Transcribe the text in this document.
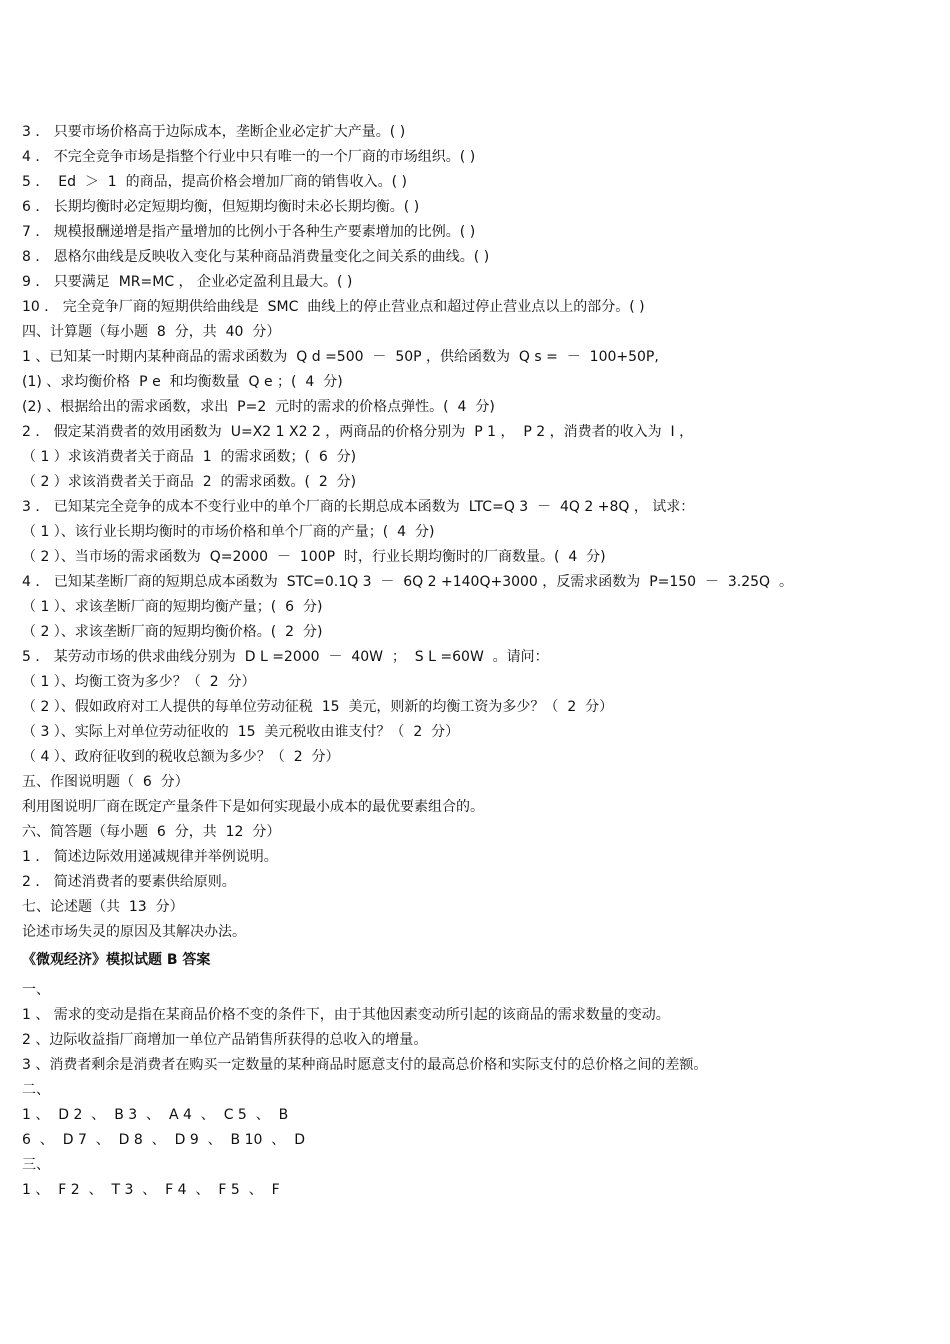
3 ． 只要市场价格高于边际成本，垄断企业必定扩大产量。( )

4 ． 不完全竞争市场是指整个行业中只有唯一的一个厂商的市场组织。( )

5 ．  Ed  ＞  1  的商品，提高价格会增加厂商的销售收入。( )

6 ． 长期均衡时必定短期均衡，但短期均衡时未必长期均衡。( )

7 ． 规模报酬递增是指产量增加的比例小于各种生产要素增加的比例。( )

8 ． 恩格尔曲线是反映收入变化与某种商品消费量变化之间关系的曲线。( )

9 ． 只要满足  MR=MC ， 企业必定盈利且最大。( )

10 ． 完全竞争厂商的短期供给曲线是  SMC  曲线上的停止营业点和超过停止营业点以上的部分。( )

四、计算题（每小题  8  分，共  40  分）

1 、已知某一时期内某种商品的需求函数为  Q d =500  －  50P ，供给函数为  Q s =  －  100+50P,

(1) 、求均衡价格  P e  和均衡数量  Q e ；(  4  分)

(2) 、根据给出的需求函数，求出  P=2  元时的需求的价格点弹性。(  4  分)

2 ． 假定某消费者的效用函数为  U=X2 1 X2 2 ，两商品的价格分别为  P 1 ，  P 2 ，消费者的收入为  I ，

（ 1 ）求该消费者关于商品  1  的需求函数；(  6  分)

（ 2 ）求该消费者关于商品  2  的需求函数。(  2  分)

3 ． 已知某完全竞争的成本不变行业中的单个厂商的长期总成本函数为  LTC=Q 3  －  4Q 2 +8Q ， 试求：

（ 1 ）、该行业长期均衡时的市场价格和单个厂商的产量；(  4  分)

（ 2 ）、当市场的需求函数为  Q=2000  －  100P  时，行业长期均衡时的厂商数量。(  4  分)

4 ． 已知某垄断厂商的短期总成本函数为  STC=0.1Q 3  －  6Q 2 +140Q+3000 ，反需求函数为  P=150  －  3.25Q  。

（ 1 ）、求该垄断厂商的短期均衡产量；(  6  分)

（ 2 ）、求该垄断厂商的短期均衡价格。(  2  分)

5 ． 某劳动市场的供求曲线分别为  D L =2000  －  40W  ；  S L =60W  。请问：

（ 1 ）、均衡工资为多少？（  2  分）

（ 2 ）、假如政府对工人提供的每单位劳动征税  15  美元，则新的均衡工资为多少？（  2  分）

（ 3 ）、实际上对单位劳动征收的  15  美元税收由谁支付？（  2  分）

（ 4 ）、政府征收到的税收总额为多少？（  2  分）

五、作图说明题（  6  分）

利用图说明厂商在既定产量条件下是如何实现最小成本的最优要素组合的。

六、简答题（每小题  6  分，共  12  分）

1 ． 简述边际效用递减规律并举例说明。

2 ． 简述消费者的要素供给原则。

七、论述题（共  13  分）

论述市场失灵的原因及其解决办法。

《微观经济》模拟试题 B 答案

一、

1 、 需求的变动是指在某商品价格不变的条件下，由于其他因素变动所引起的该商品的需求数量的变动。

2 、边际收益指厂商增加一单位产品销售所获得的总收入的增量。

3 、消费者剩余是消费者在购买一定数量的某种商品时愿意支付的最高总价格和实际支付的总价格之间的差额。

二、

1 、  D 2  、  B 3  、  A 4  、  C 5  、  B

6  、  D 7  、  D 8  、  D 9  、  B 10  、  D

三、

1 、  F 2  、  T 3  、  F 4  、  F 5  、  F
